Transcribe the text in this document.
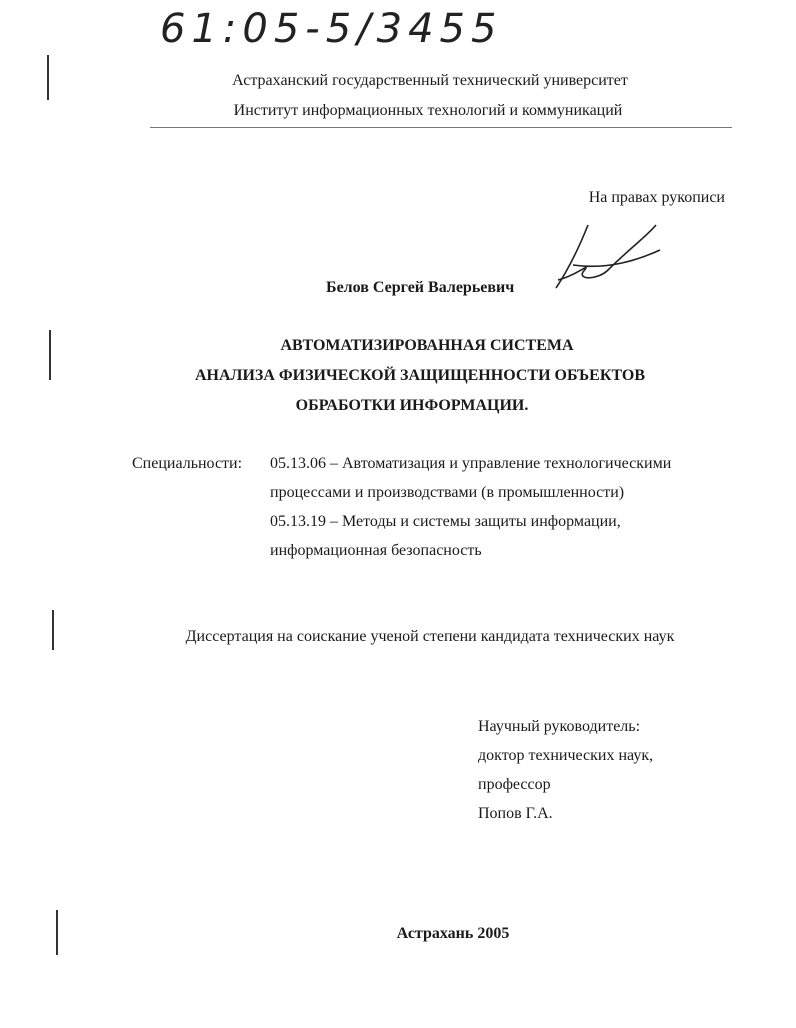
61:05-5/3455
Астраханский государственный технический университет
Институт информационных технологий и коммуникаций
На правах рукописи
Белов Сергей Валерьевич
АВТОМАТИЗИРОВАННАЯ СИСТЕМА
АНАЛИЗА ФИЗИЧЕСКОЙ ЗАЩИЩЕННОСТИ ОБЪЕКТОВ
ОБРАБОТКИ ИНФОРМАЦИИ.
Специальности: 05.13.06 – Автоматизация и управление технологическими
процессами и производствами (в промышленности)
05.13.19 – Методы и системы защиты информации,
информационная безопасность
Диссертация на соискание ученой степени кандидата технических наук
Научный руководитель:
доктор технических наук,
профессор
Попов Г.А.
Астрахань 2005
